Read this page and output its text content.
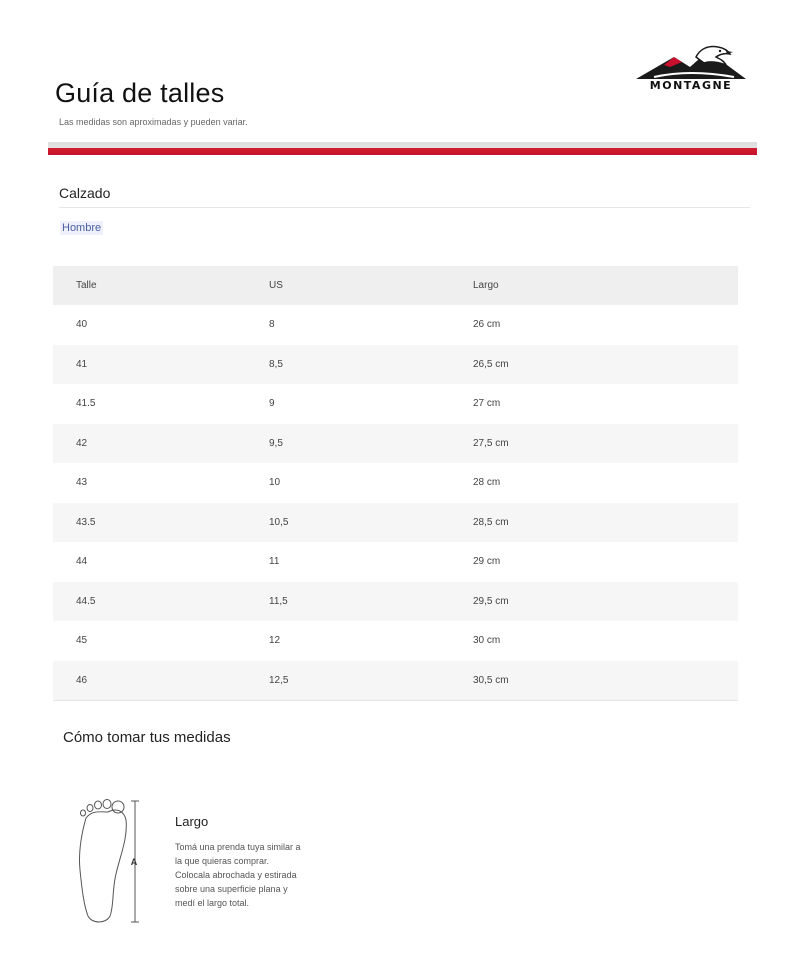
Guía de talles
Las medidas son aproximadas y pueden variar.
MONTAGNE
Calzado
Hombre
Talle	US	Largo
40	8	26 cm
41	8,5	26,5 cm
41.5	9	27 cm
42	9,5	27,5 cm
43	10	28 cm
43.5	10,5	28,5 cm
44	11	29 cm
44.5	11,5	29,5 cm
45	12	30 cm
46	12,5	30,5 cm
Cómo tomar tus medidas
A
Largo
Tomá una prenda tuya similar a
la que quieras comprar.
Colocala abrochada y estirada
sobre una superficie plana y
medí el largo total.
